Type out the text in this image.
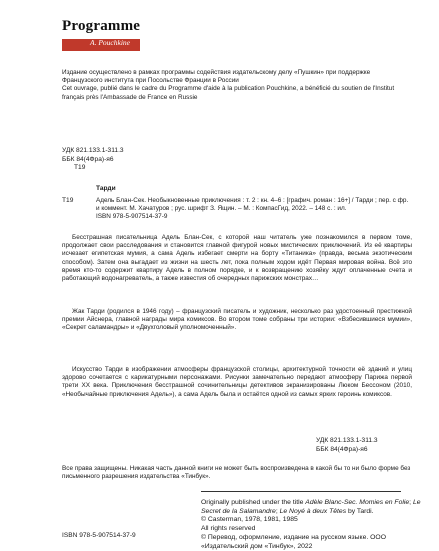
Programme
A. Pouchkine
Издание осуществлено в рамках программы содействия издательскому делу «Пушкин» при поддержке Французского института при Посольстве Франции в России
Cet ouvrage, publié dans le cadre du Programme d'aide à la publication Pouchkine, a bénéficié du soutien de l'Institut français près l'Ambassade de France en Russie
УДК 821.133.1-311.3
ББК 84(4Фра)-я6
Т19
Тарди
Т19	Адель Блан-Сек. Необыкновенные приключения : т. 2 : кн. 4–6 : [графич. роман : 16+] / Тарди ; пер. с фр. и коммент. М. Хачатуров ; рус. шрифт З. Ящин. – М. : КомпасГид, 2022. – 148 с. : ил.
ISBN 978-5-907514-37-9

Бесстрашная писательница Адель Блан-Сек, с которой наш читатель уже познакомился в первом томе, продолжает свои расследования и становится главной фигурой новых мистических приключений. Из её квартиры исчезает египетская мумия, а сама Адель избегает смерти на борту «Титаника» (правда, весьма экзотическим способом). Затем она выгадает из жизни на шесть лет, пока полным ходом идёт Первая мировая война. Всё это время кто-то содержит квартиру Адель в полном порядке, и к возвращению хозяйку ждут оплаченные счета и работающий водонагреватель, а также известия об очередных парижских монстрах…

Жак Тарди (родился в 1946 году) – французский писатель и художник, несколько раз удостоенный престижной премии Айснера, главной награды мира комиксов. Во втором томе собраны три истории: «Взбесившиеся мумии», «Секрет саламандры» и «Двухголовый уполномоченный».

Искусство Тарди в изображении атмосферы французской столицы, архитектурной точности её зданий и улиц здорово сочетается с карикатурными персонажами. Рисунки замечательно передают атмосферу Парижа первой трети XX века. Приключения бесстрашной сочинительницы детективов экранизированы Люком Бессоном (2010, «Необычайные приключения Адель»), а сама Адель была и остаётся одной из самых ярких героинь комиксов.

УДК 821.133.1-311.3
ББК 84(4Фра)-я6
Все права защищены. Никакая часть данной книги не может быть воспроизведена в какой бы то ни было форме без письменного разрешения издательства «Тинбук».
Originally published under the title Adèle Blanc-Sec. Momies en Folie; Le Secret de la Salamandre; Le Noyé à deux Têtes by Tardi.
© Casterman, 1978, 1981, 1985
All rights reserved
© Перевод, оформление, издание на русском языке. ООО «Издательский дом «Тинбук», 2022
ISBN 978-5-907514-37-9
